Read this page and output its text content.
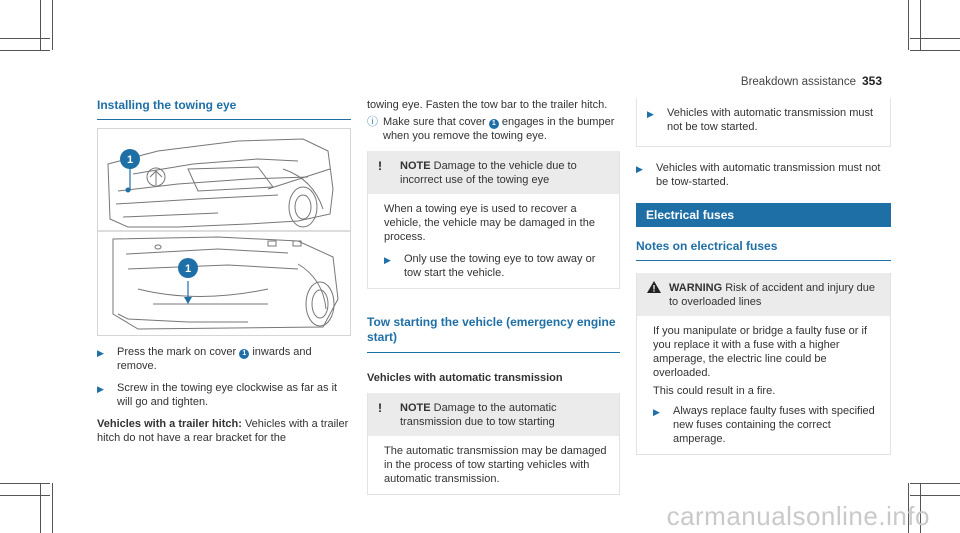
Breakdown assistance 353

Installing the towing eye

1
1
▶	Press the mark on cover 1 inwards and remove.
▶	Screw in the towing eye clockwise as far as it will go and tighten.

Vehicles with a trailer hitch: Vehicles with a trailer hitch do not have a rear bracket for the

towing eye. Fasten the tow bar to the trailer hitch.

ⓘ Make sure that cover 1 engages in the bumper when you remove the towing eye.
!	NOTE Damage to the vehicle due to incorrect use of the towing eye

When a towing eye is used to recover a vehicle, the vehicle may be damaged in the process.

▶	Only use the towing eye to tow away or tow start the vehicle.

Tow starting the vehicle (emergency engine start)

Vehicles with automatic transmission

!	NOTE Damage to the automatic transmission due to tow starting

The automatic transmission may be damaged in the process of tow starting vehicles with automatic transmission.

▶	Vehicles with automatic transmission must not be tow started.
▶	Vehicles with automatic transmission must not be tow-started.
Electrical fuses

Notes on electrical fuses

WARNING Risk of accident and injury due to overloaded lines

If you manipulate or bridge a faulty fuse or if you replace it with a fuse with a higher amperage, the electric line could be overloaded.

This could result in a fire.

▶	Always replace faulty fuses with specified new fuses containing the correct amperage.
carmanualsonline.info
